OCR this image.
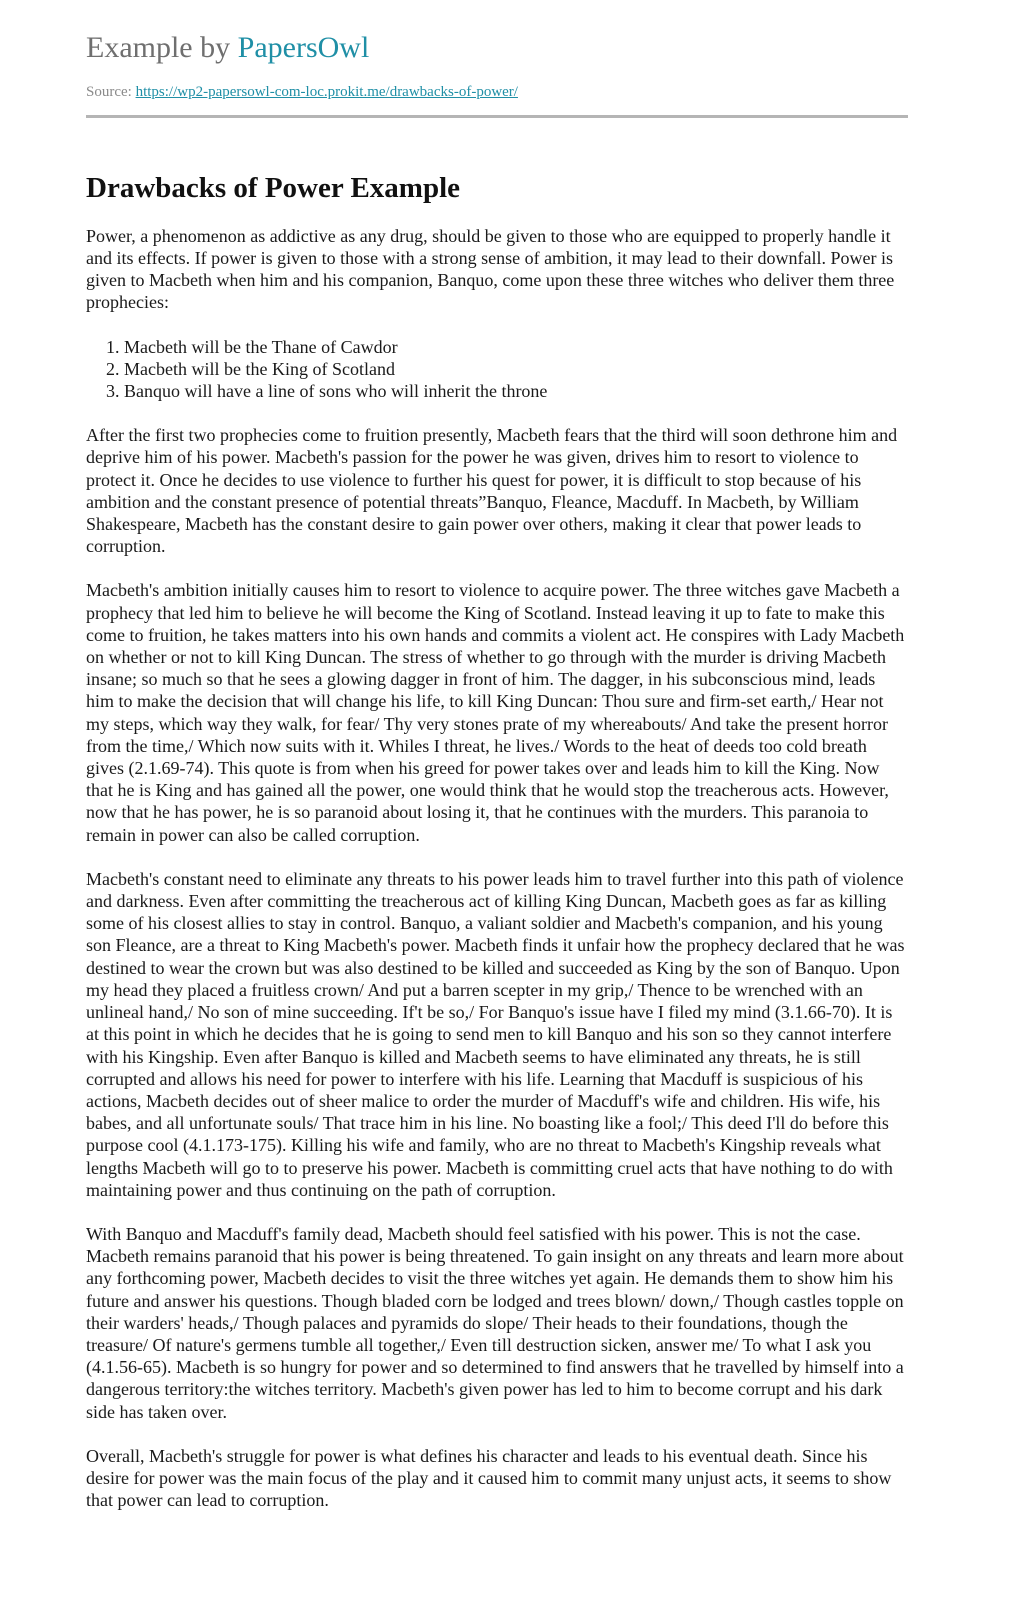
Example by PapersOwl
Source: https://wp2-papersowl-com-loc.prokit.me/drawbacks-of-power/
Drawbacks of Power Example

Power, a phenomenon as addictive as any drug, should be given to those who are equipped to properly handle it and its effects. If power is given to those with a strong sense of ambition, it may lead to their downfall. Power is given to Macbeth when him and his companion, Banquo, come upon these three witches who deliver them three prophecies:

1. Macbeth will be the Thane of Cawdor
2. Macbeth will be the King of Scotland
3. Banquo will have a line of sons who will inherit the throne

After the first two prophecies come to fruition presently, Macbeth fears that the third will soon dethrone him and deprive him of his power. Macbeth's passion for the power he was given, drives him to resort to violence to protect it. Once he decides to use violence to further his quest for power, it is difficult to stop because of his ambition and the constant presence of potential threats”Banquo, Fleance, Macduff. In Macbeth, by William Shakespeare, Macbeth has the constant desire to gain power over others, making it clear that power leads to corruption.

Macbeth's ambition initially causes him to resort to violence to acquire power. The three witches gave Macbeth a prophecy that led him to believe he will become the King of Scotland. Instead leaving it up to fate to make this come to fruition, he takes matters into his own hands and commits a violent act. He conspires with Lady Macbeth on whether or not to kill King Duncan. The stress of whether to go through with the murder is driving Macbeth insane; so much so that he sees a glowing dagger in front of him. The dagger, in his subconscious mind, leads him to make the decision that will change his life, to kill King Duncan: Thou sure and firm-set earth,/ Hear not my steps, which way they walk, for fear/ Thy very stones prate of my whereabouts/ And take the present horror from the time,/ Which now suits with it. Whiles I threat, he lives./ Words to the heat of deeds too cold breath gives (2.1.69-74). This quote is from when his greed for power takes over and leads him to kill the King. Now that he is King and has gained all the power, one would think that he would stop the treacherous acts. However, now that he has power, he is so paranoid about losing it, that he continues with the murders. This paranoia to remain in power can also be called corruption.

Macbeth's constant need to eliminate any threats to his power leads him to travel further into this path of violence and darkness. Even after committing the treacherous act of killing King Duncan, Macbeth goes as far as killing some of his closest allies to stay in control. Banquo, a valiant soldier and Macbeth's companion, and his young son Fleance, are a threat to King Macbeth's power. Macbeth finds it unfair how the prophecy declared that he was destined to wear the crown but was also destined to be killed and succeeded as King by the son of Banquo. Upon my head they placed a fruitless crown/ And put a barren scepter in my grip,/ Thence to be wrenched with an unlineal hand,/ No son of mine succeeding. If't be so,/ For Banquo's issue have I filed my mind (3.1.66-70). It is at this point in which he decides that he is going to send men to kill Banquo and his son so they cannot interfere with his Kingship. Even after Banquo is killed and Macbeth seems to have eliminated any threats, he is still corrupted and allows his need for power to interfere with his life. Learning that Macduff is suspicious of his actions, Macbeth decides out of sheer malice to order the murder of Macduff's wife and children. His wife, his babes, and all unfortunate souls/ That trace him in his line. No boasting like a fool;/ This deed I'll do before this purpose cool (4.1.173-175). Killing his wife and family, who are no threat to Macbeth's Kingship reveals what lengths Macbeth will go to to preserve his power. Macbeth is committing cruel acts that have nothing to do with maintaining power and thus continuing on the path of corruption.

With Banquo and Macduff's family dead, Macbeth should feel satisfied with his power. This is not the case. Macbeth remains paranoid that his power is being threatened. To gain insight on any threats and learn more about any forthcoming power, Macbeth decides to visit the three witches yet again. He demands them to show him his future and answer his questions. Though bladed corn be lodged and trees blown/ down,/ Though castles topple on their warders' heads,/ Though palaces and pyramids do slope/ Their heads to their foundations, though the treasure/ Of nature's germens tumble all together,/ Even till destruction sicken, answer me/ To what I ask you (4.1.56-65). Macbeth is so hungry for power and so determined to find answers that he travelled by himself into a dangerous territory:the witches territory. Macbeth's given power has led to him to become corrupt and his dark side has taken over.

Overall, Macbeth's struggle for power is what defines his character and leads to his eventual death. Since his desire for power was the main focus of the play and it caused him to commit many unjust acts, it seems to show that power can lead to corruption.
